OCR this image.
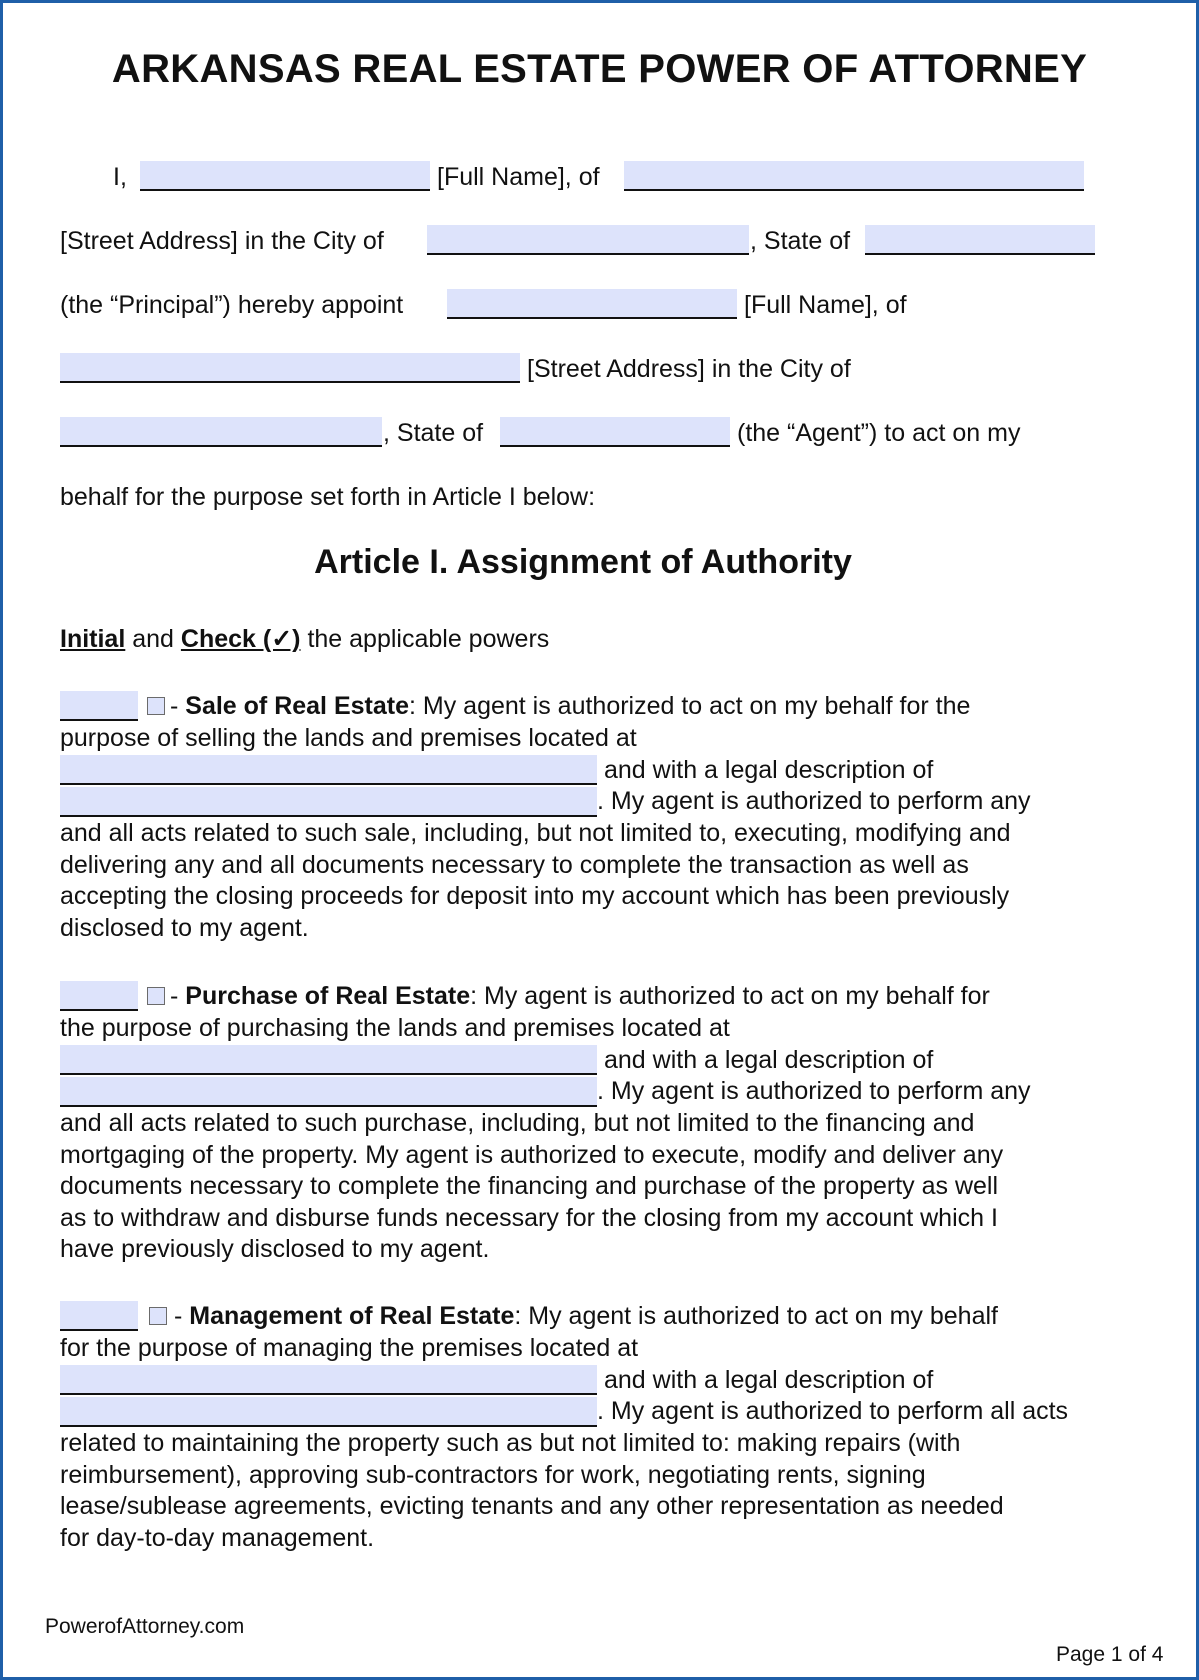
ARKANSAS REAL ESTATE POWER OF ATTORNEY
I,	[Full Name], of
[Street Address] in the City of	, State of
(the “Principal”) hereby appoint	[Full Name], of
[Street Address] in the City of
, State of	(the “Agent”) to act on my
behalf for the purpose set forth in Article I below:
Article I. Assignment of Authority
Initial and Check (✓) the applicable powers
- Sale of Real Estate: My agent is authorized to act on my behalf for the
purpose of selling the lands and premises located at
and with a legal description of
. My agent is authorized to perform any
and all acts related to such sale, including, but not limited to, executing, modifying and
delivering any and all documents necessary to complete the transaction as well as
accepting the closing proceeds for deposit into my account which has been previously
disclosed to my agent.
- Purchase of Real Estate: My agent is authorized to act on my behalf for
the purpose of purchasing the lands and premises located at
and with a legal description of
. My agent is authorized to perform any
and all acts related to such purchase, including, but not limited to the financing and
mortgaging of the property. My agent is authorized to execute, modify and deliver any
documents necessary to complete the financing and purchase of the property as well
as to withdraw and disburse funds necessary for the closing from my account which I
have previously disclosed to my agent.
- Management of Real Estate: My agent is authorized to act on my behalf
for the purpose of managing the premises located at
and with a legal description of
. My agent is authorized to perform all acts
related to maintaining the property such as but not limited to: making repairs (with
reimbursement), approving sub-contractors for work, negotiating rents, signing
lease/sublease agreements, evicting tenants and any other representation as needed
for day-to-day management.
PowerofAttorney.com
Page 1 of 4
